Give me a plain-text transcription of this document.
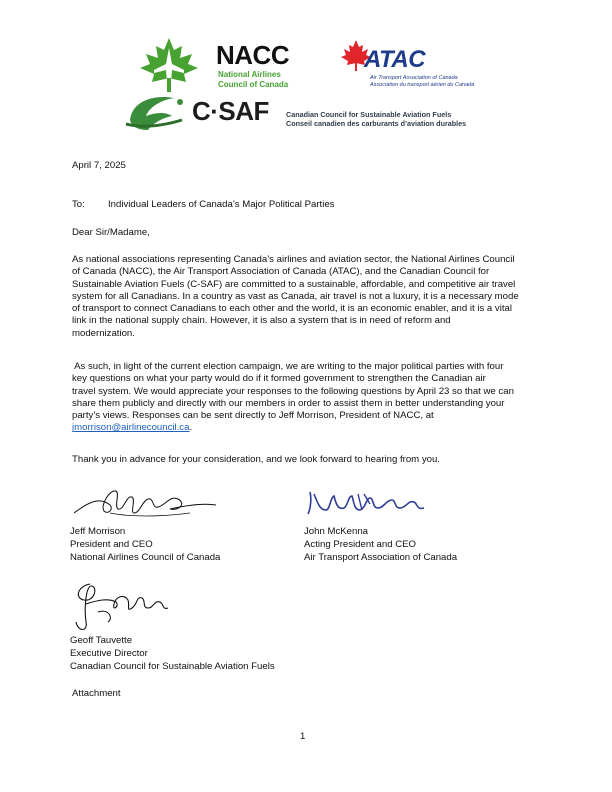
NACC
National Airlines
Council of Canada
ATAC
Air Transport Association of Canada
Association du transport aérien du Canada
C·SAF Canadian Council for Sustainable Aviation Fuels
Conseil canadien des carburants d’aviation durables
April 7, 2025
To: Individual Leaders of Canada’s Major Political Parties
Dear Sir/Madame,
As national associations representing Canada’s airlines and aviation sector, the National Airlines Council
of Canada (NACC), the Air Transport Association of Canada (ATAC), and the Canadian Council for
Sustainable Aviation Fuels (C-SAF) are committed to a sustainable, affordable, and competitive air travel
system for all Canadians. In a country as vast as Canada, air travel is not a luxury, it is a necessary mode
of transport to connect Canadians to each other and the world, it is an economic enabler, and it is a vital
link in the national supply chain. However, it is also a system that is in need of reform and
modernization.
As such, in light of the current election campaign, we are writing to the major political parties with four
key questions on what your party would do if it formed government to strengthen the Canadian air
travel system. We would appreciate your responses to the following questions by April 23 so that we can
share them publicly and directly with our members in order to assist them in better understanding your
party’s views. Responses can be sent directly to Jeff Morrison, President of NACC, at
jmorrison@airlinecouncil.ca.
Thank you in advance for your consideration, and we look forward to hearing from you.
Jeff Morrison
President and CEO
National Airlines Council of Canada
John McKenna
Acting President and CEO
Air Transport Association of Canada
Geoff Tauvette
Executive Director
Canadian Council for Sustainable Aviation Fuels
Attachment
1
